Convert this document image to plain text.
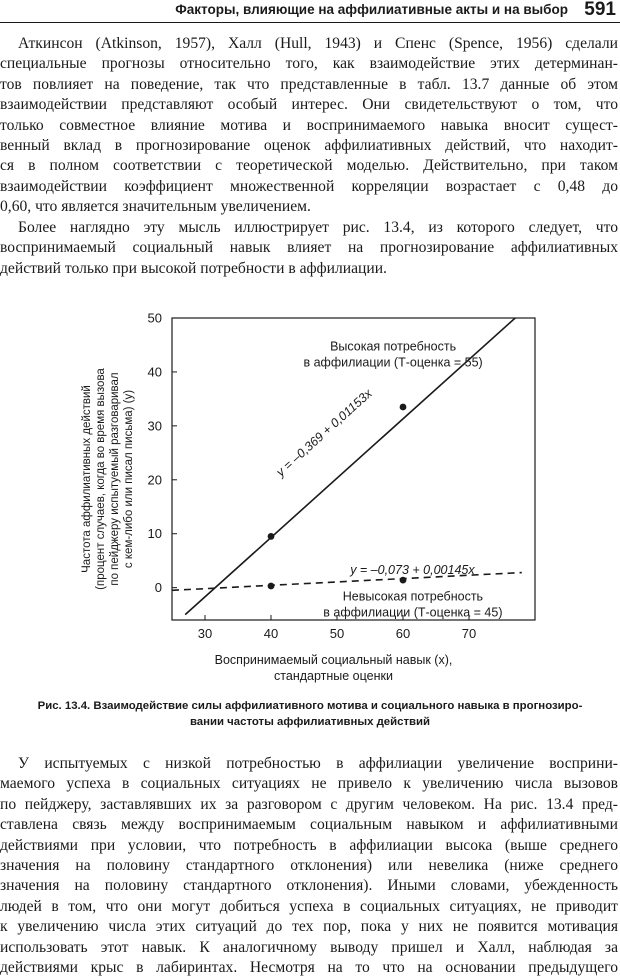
Факторы, влияющие на аффилиативные акты и на выбор 591
Аткинсон (Atkinson, 1957), Халл (Hull, 1943) и Спенс (Spence, 1956) сделали
специальные прогнозы относительно того, как взаимодействие этих детерминан-
тов повлияет на поведение, так что представленные в табл. 13.7 данные об этом
взаимодействии представляют особый интерес. Они свидетельствуют о том, что
только совместное влияние мотива и воспринимаемого навыка вносит сущест-
венный вклад в прогнозирование оценок аффилиативных действий, что находит-
ся в полном соответствии с теоретической моделью. Действительно, при таком
взаимодействии коэффициент множественной корреляции возрастает с 0,48 до
0,60, что является значительным увеличением.
Более наглядно эту мысль иллюстрирует рис. 13.4, из которого следует, что
воспринимаемый социальный навык влияет на прогнозирование аффилиативных
действий только при высокой потребности в аффилиации.
0
10
20
30
40
50
30	40	50	60	70
Воспринимаемый социальный навык (x),
стандартные оценки
Частота аффилиативных действий (процент случаев, когда во время вызова по пейджеру испытуемый разговаривал с кем-либо или писал письма) (y)	y = –0,369 + 0,01153x
y = –0,073 + 0,00145x
Высокая потребность
в аффилиации (Т-оценка = 55)
Невысокая потребность
в аффилиации (Т-оценка = 45)
Рис. 13.4. Взаимодействие силы аффилиативного мотива и социального навыка в прогнозиро-
вании частоты аффилиативных действий
У испытуемых с низкой потребностью в аффилиации увеличение восприни-
маемого успеха в социальных ситуациях не привело к увеличению числа вызовов
по пейджеру, заставлявших их за разговором с другим человеком. На рис. 13.4 пред-
ставлена связь между воспринимаемым социальным навыком и аффилиативными
действиями при условии, что потребность в аффилиации высока (выше среднего
значения на половину стандартного отклонения) или невелика (ниже среднего
значения на половину стандартного отклонения). Иными словами, убежденность
людей в том, что они могут добиться успеха в социальных ситуациях, не приводит
к увеличению числа этих ситуаций до тех пор, пока у них не появится мотивация
использовать этот навык. К аналогичному выводу пришел и Халл, наблюдая за
действиями крыс в лабиринтах. Несмотря на то что на основании предыдущего
